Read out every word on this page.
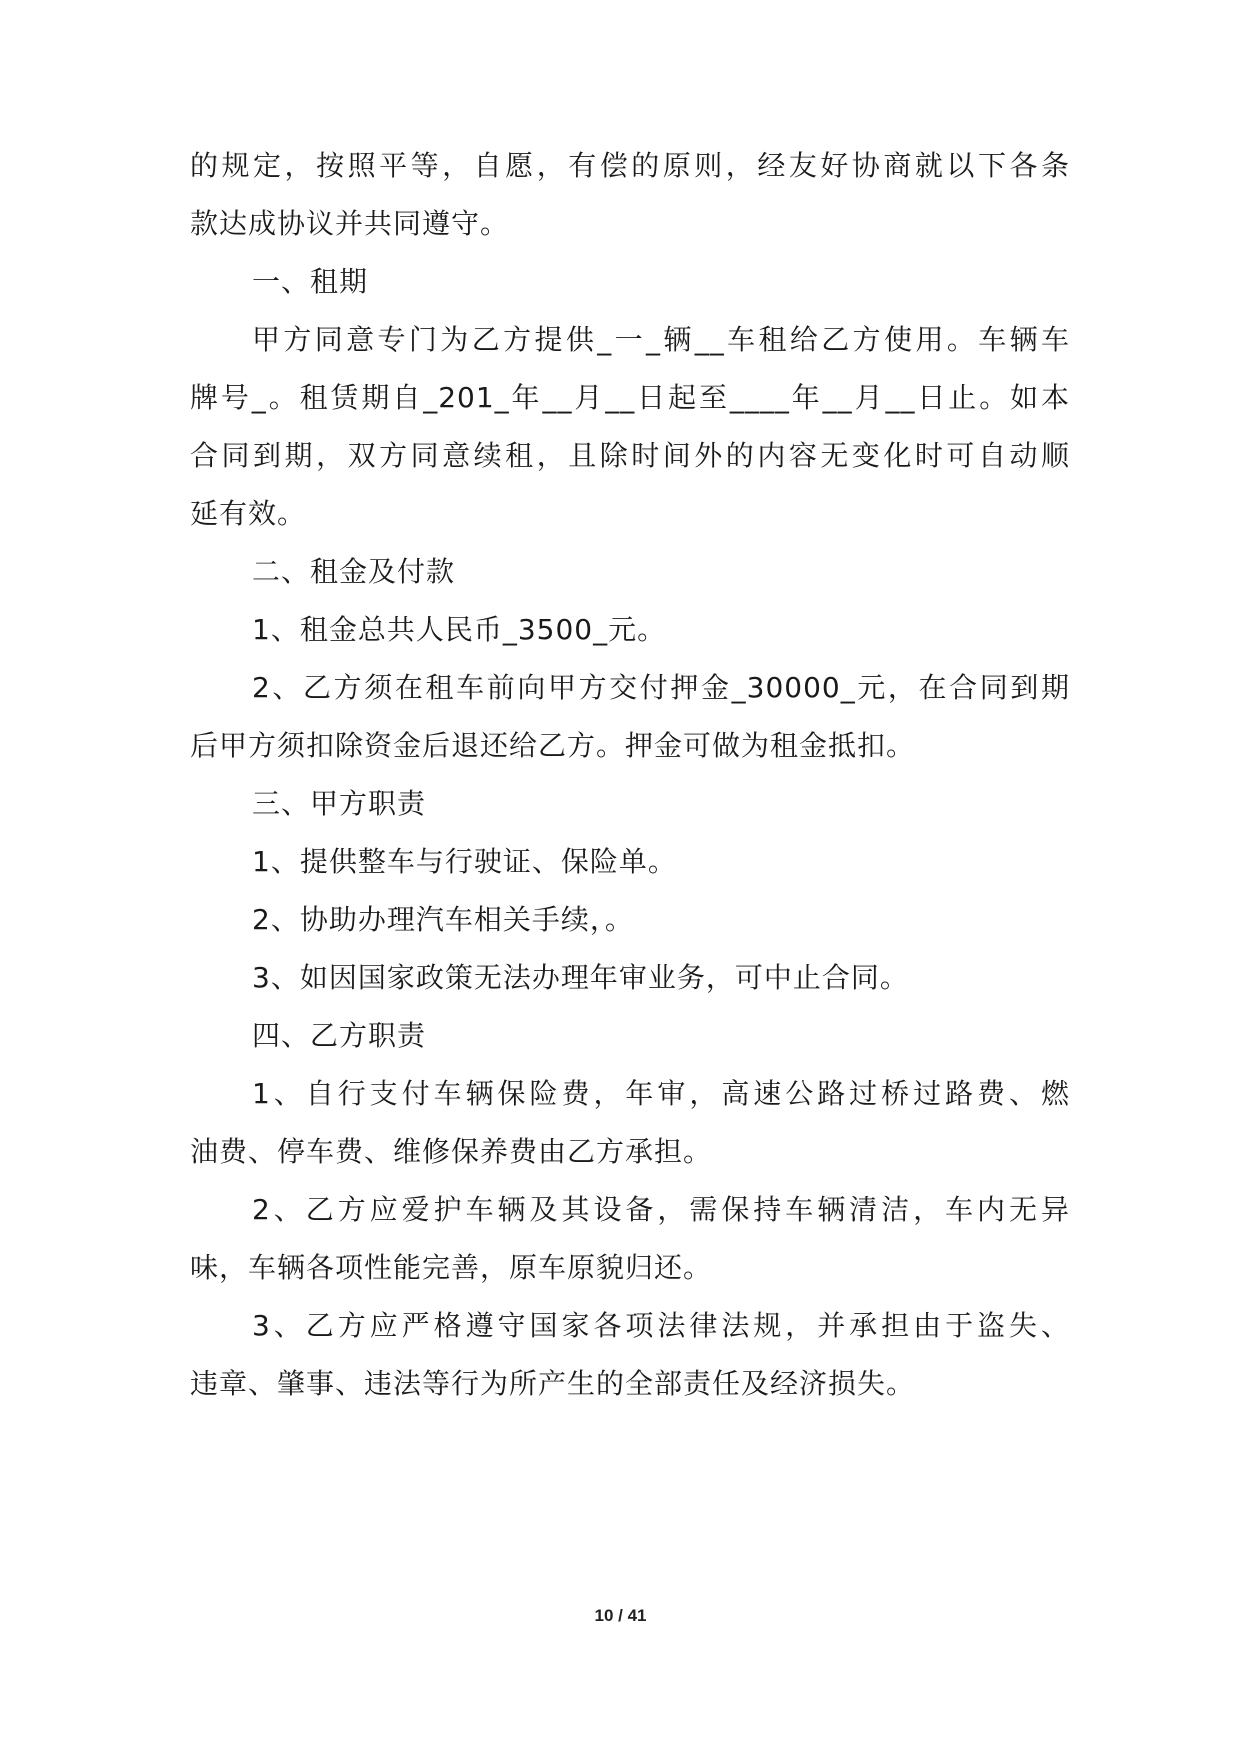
的规定，按照平等，自愿，有偿的原则，经友好协商就以下各条
款达成协议并共同遵守。
一、租期
甲方同意专门为乙方提供_一_辆__车租给乙方使用。车辆车
牌号_。租赁期自_201_年__月__日起至____年__月__日止。如本
合同到期，双方同意续租，且除时间外的内容无变化时可自动顺
延有效。
二、租金及付款
1、租金总共人民币_3500_元。
2、乙方须在租车前向甲方交付押金_30000_元，在合同到期
后甲方须扣除资金后退还给乙方。押金可做为租金抵扣。
三、甲方职责
1、提供整车与行驶证、保险单。
2、协助办理汽车相关手续，。
3、如因国家政策无法办理年审业务，可中止合同。
四、乙方职责
1、自行支付车辆保险费，年审，高速公路过桥过路费、燃
油费、停车费、维修保养费由乙方承担。
2、乙方应爱护车辆及其设备，需保持车辆清洁，车内无异
味，车辆各项性能完善，原车原貌归还。
3、乙方应严格遵守国家各项法律法规，并承担由于盗失、
违章、肇事、违法等行为所产生的全部责任及经济损失。
10 / 41
